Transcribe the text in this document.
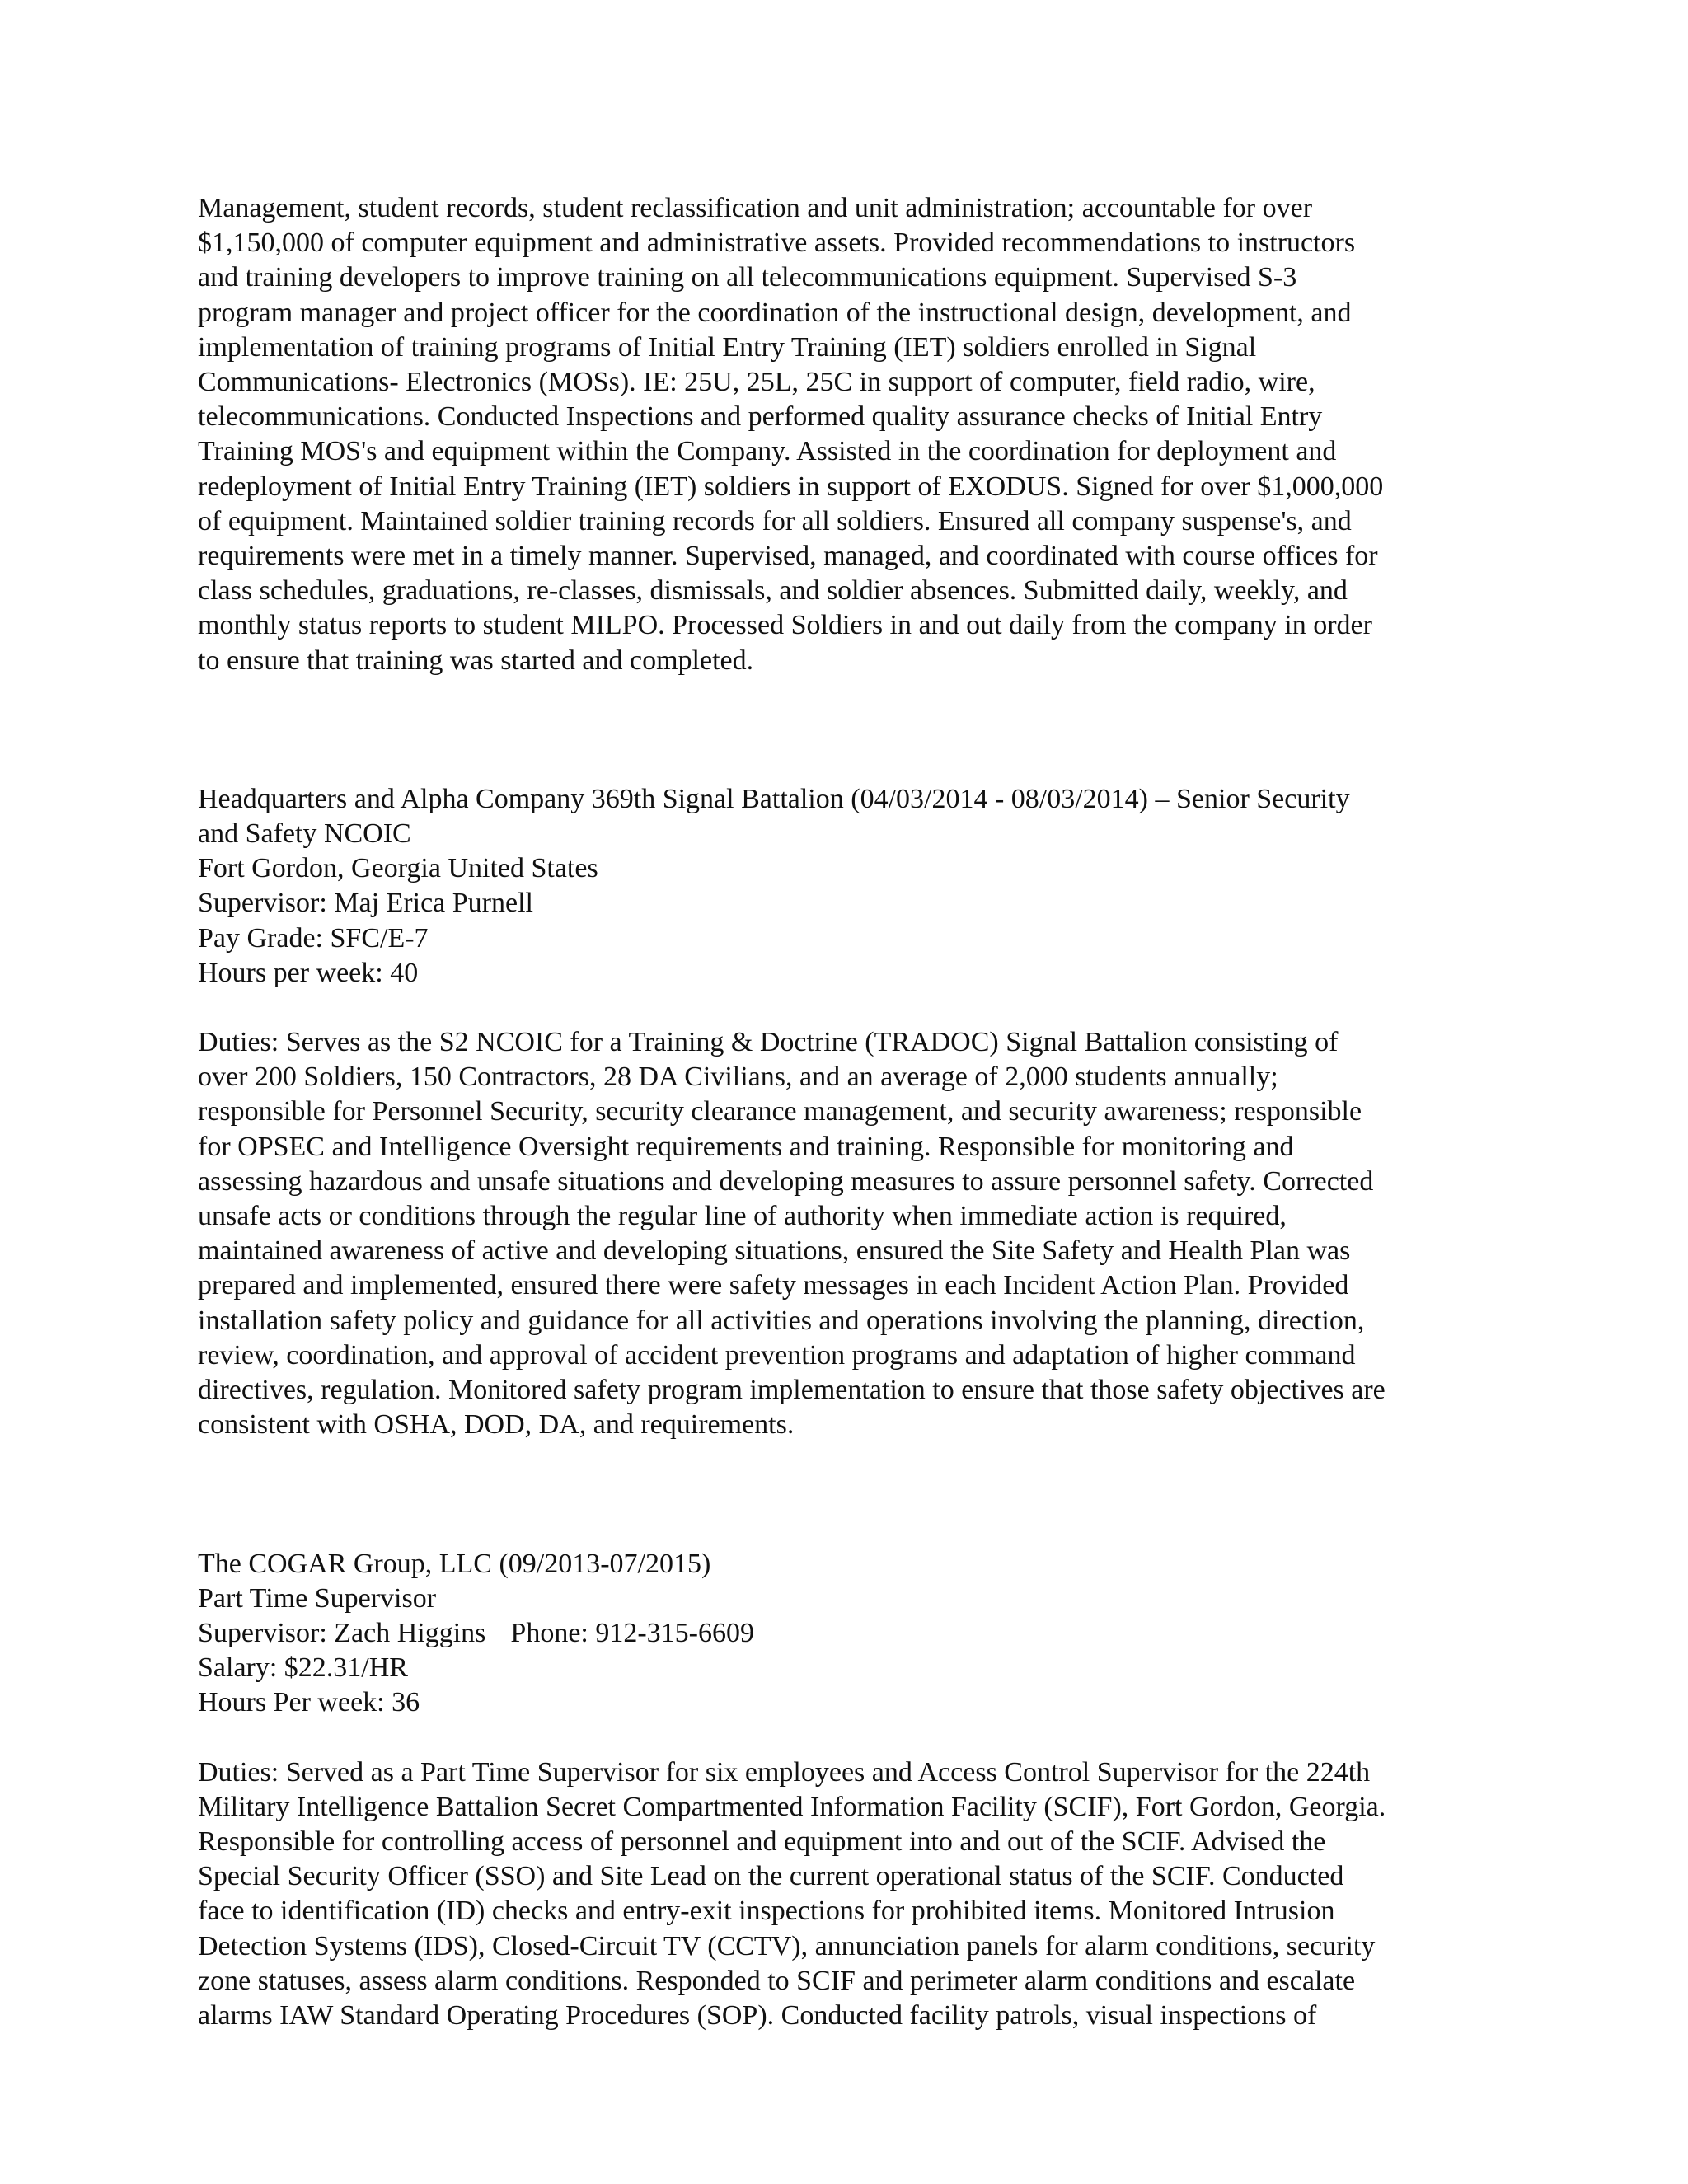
Management, student records, student reclassification and unit administration; accountable for over

$1,150,000 of computer equipment and administrative assets. Provided recommendations to instructors

and training developers to improve training on all telecommunications equipment. Supervised S-3

program manager and project officer for the coordination of the instructional design, development, and

implementation of training programs of Initial Entry Training (IET) soldiers enrolled in Signal

Communications- Electronics (MOSs). IE: 25U, 25L, 25C in support of computer, field radio, wire,

telecommunications. Conducted Inspections and performed quality assurance checks of Initial Entry

Training MOS's and equipment within the Company. Assisted in the coordination for deployment and

redeployment of Initial Entry Training (IET) soldiers in support of EXODUS. Signed for over $1,000,000

of equipment. Maintained soldier training records for all soldiers. Ensured all company suspense's, and

requirements were met in a timely manner. Supervised, managed, and coordinated with course offices for

class schedules, graduations, re-classes, dismissals, and soldier absences. Submitted daily, weekly, and

monthly status reports to student MILPO. Processed Soldiers in and out daily from the company in order

to ensure that training was started and completed.

Headquarters and Alpha Company 369th Signal Battalion (04/03/2014 - 08/03/2014) – Senior Security

and Safety NCOIC

Fort Gordon, Georgia United States

Supervisor: Maj Erica Purnell

Pay Grade: SFC/E-7

Hours per week: 40

Duties: Serves as the S2 NCOIC for a Training & Doctrine (TRADOC) Signal Battalion consisting of

over 200 Soldiers, 150 Contractors, 28 DA Civilians, and an average of 2,000 students annually;

responsible for Personnel Security, security clearance management, and security awareness; responsible

for OPSEC and Intelligence Oversight requirements and training. Responsible for monitoring and

assessing hazardous and unsafe situations and developing measures to assure personnel safety. Corrected

unsafe acts or conditions through the regular line of authority when immediate action is required,

maintained awareness of active and developing situations, ensured the Site Safety and Health Plan was

prepared and implemented, ensured there were safety messages in each Incident Action Plan. Provided

installation safety policy and guidance for all activities and operations involving the planning, direction,

review, coordination, and approval of accident prevention programs and adaptation of higher command

directives, regulation. Monitored safety program implementation to ensure that those safety objectives are

consistent with OSHA, DOD, DA, and requirements.

The COGAR Group, LLC (09/2013-07/2015)

Part Time Supervisor

Supervisor: Zach Higgins Phone: 912-315-6609

Salary: $22.31/HR

Hours Per week: 36

Duties: Served as a Part Time Supervisor for six employees and Access Control Supervisor for the 224th

Military Intelligence Battalion Secret Compartmented Information Facility (SCIF), Fort Gordon, Georgia.

Responsible for controlling access of personnel and equipment into and out of the SCIF. Advised the

Special Security Officer (SSO) and Site Lead on the current operational status of the SCIF. Conducted

face to identification (ID) checks and entry-exit inspections for prohibited items. Monitored Intrusion

Detection Systems (IDS), Closed-Circuit TV (CCTV), annunciation panels for alarm conditions, security

zone statuses, assess alarm conditions. Responded to SCIF and perimeter alarm conditions and escalate

alarms IAW Standard Operating Procedures (SOP). Conducted facility patrols, visual inspections of
